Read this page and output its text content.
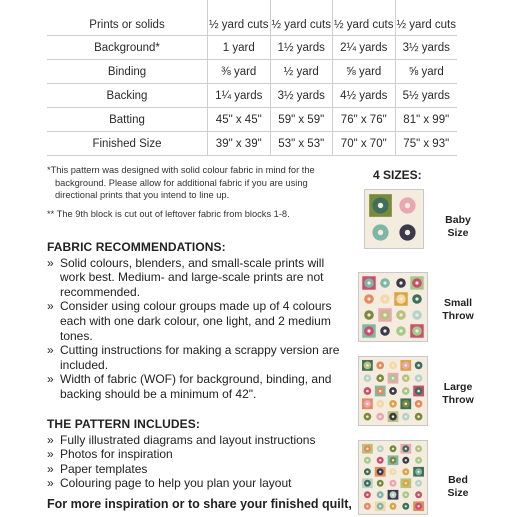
Prints or solids	½ yard cuts	½ yard cuts	½ yard cuts	½ yard cuts

Background*	1 yard	1½ yards	2¼ yards	3½ yards
Binding	⅜ yard	½ yard	⅝ yard	⅝ yard
Backing	1¼ yards	3½ yards	4½ yards	5½ yards
Batting	45" x 45"	59" x 59"	76" x 76"	81" x 99"
Finished Size	39" x 39"	53" x 53"	70" x 70"	75" x 93"

*This pattern was designed with solid colour fabric in mind for the background. Please allow for additional fabric if you are using directional prints that you intend to line up.

** The 9th block is cut out of leftover fabric from blocks 1-8.

FABRIC RECOMMENDATIONS:
» Solid colours, blenders, and small-scale prints will work best. Medium- and large-scale prints are not recommended.
» Consider using colour groups made up of 4 colours each with one dark colour, one light, and 2 medium tones.
» Cutting instructions for making a scrappy version are included.
» Width of fabric (WOF) for background, binding, and backing should be a minimum of 42".
THE PATTERN INCLUDES:
» Fully illustrated diagrams and layout instructions
» Photos for inspiration
» Paper templates
» Colouring page to help you plan your layout
For more inspiration or to share your finished quilt,
4 SIZES:
Baby
Size
Small
Throw
Large
Throw
Bed
Size
